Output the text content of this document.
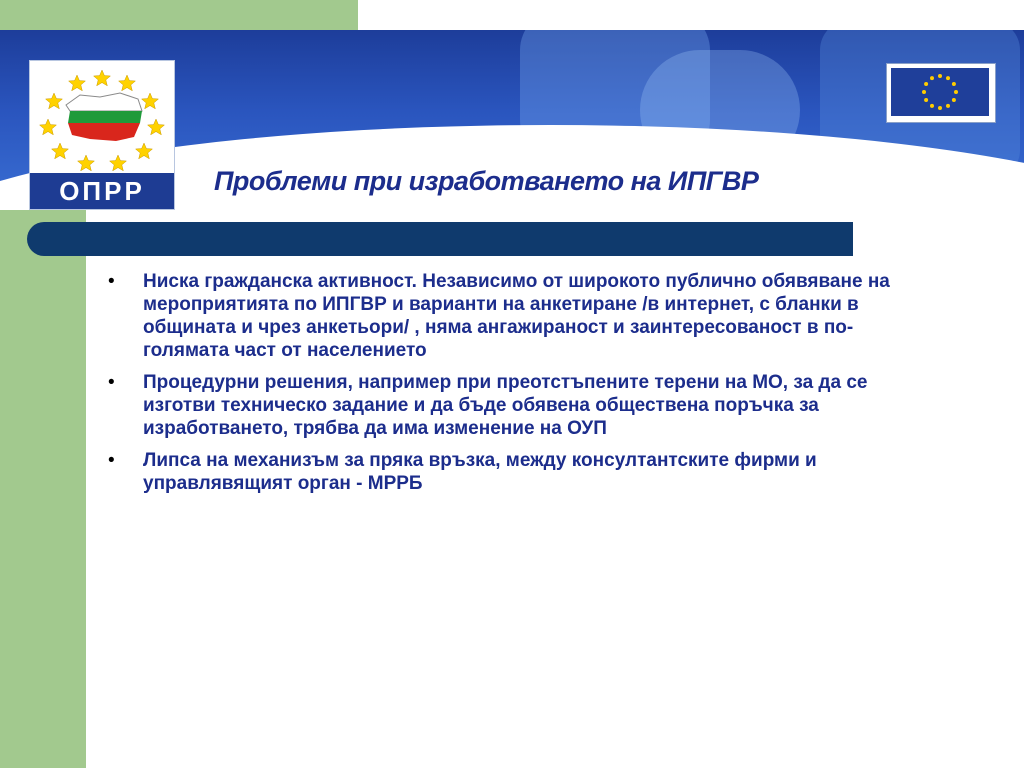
ОПРР	Проблеми при изработването на ИПГВР
• Ниска гражданска активност. Независимо от широкото публично обявяване на мероприятията по ИПГВР и варианти на анкетиране /в интернет, с бланки в общината и чрез анкетьори/ , няма ангажираност и заинтересованост в по-голямата част от населението
• Процедурни решения, например при преотстъпените терени на МО, за да се изготви техническо задание и да бъде обявена обществена поръчка за изработването, трябва да има изменение на ОУП
• Липса на механизъм за пряка връзка, между консултантските фирми и управлявящият орган - МРРБ
